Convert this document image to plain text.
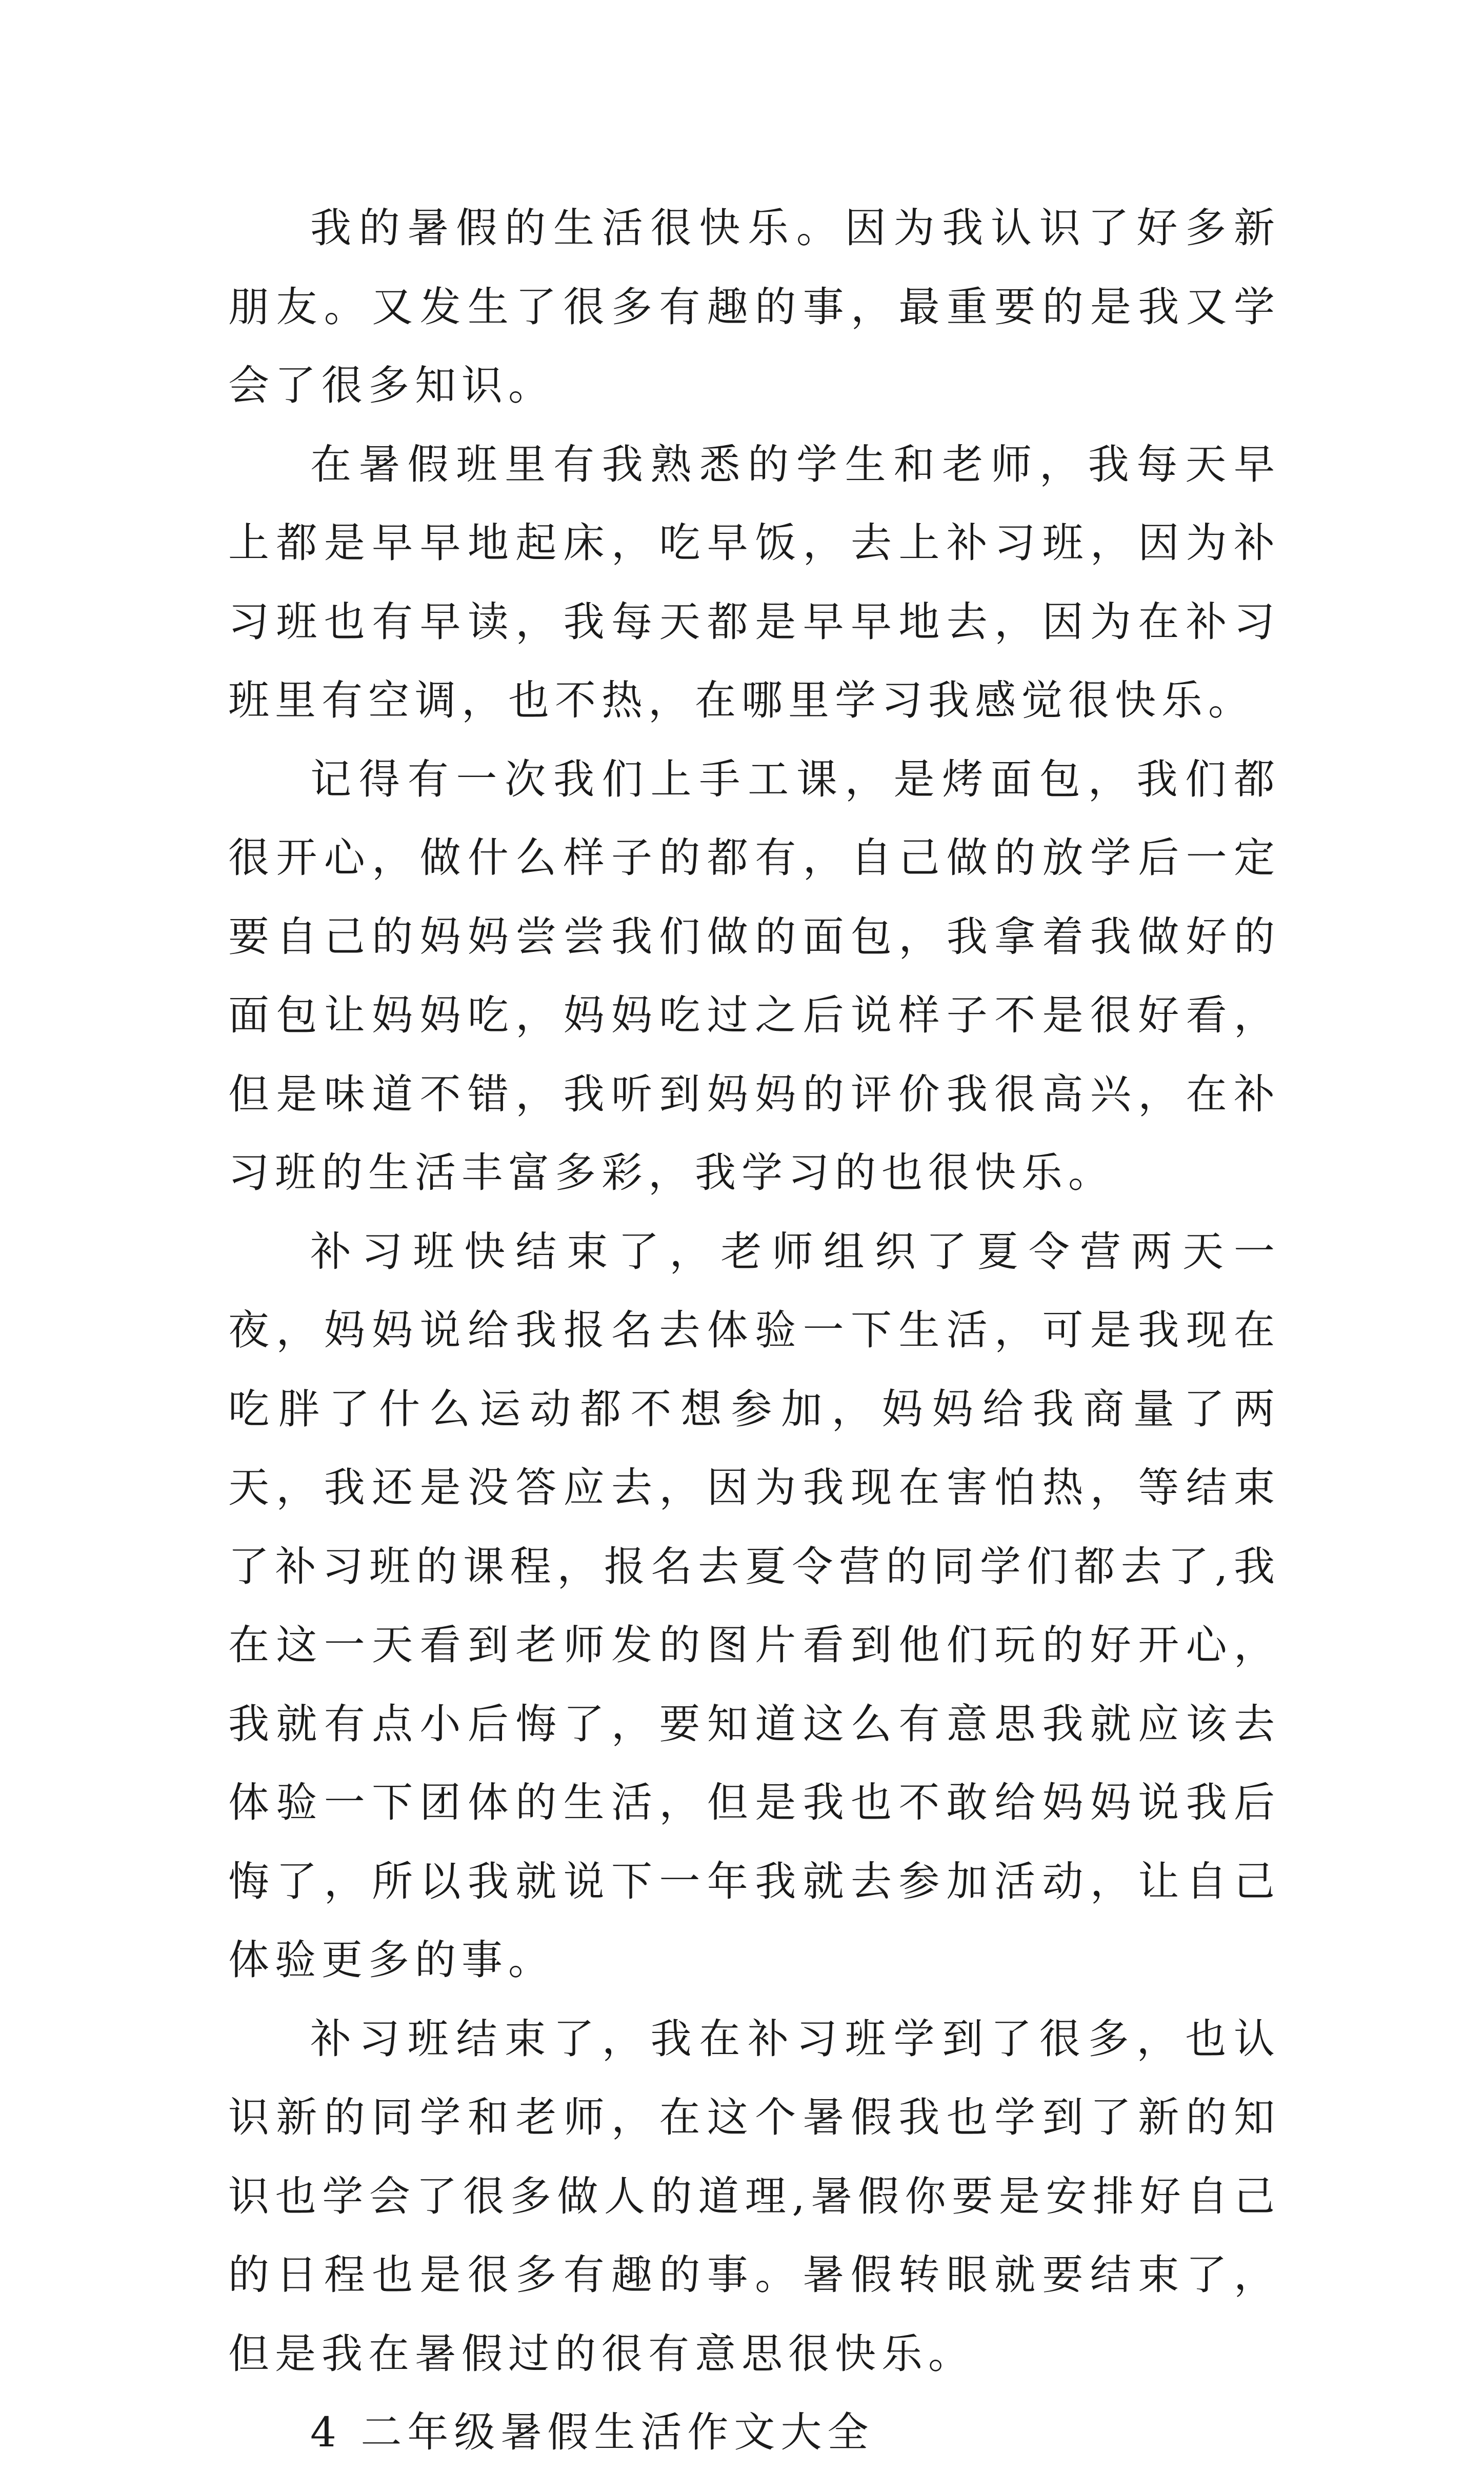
我的暑假的生活很快乐。因为我认识了好多新朋友。又发生了很多有趣的事，最重要的是我又学会了很多知识。

在暑假班里有我熟悉的学生和老师，我每天早上都是早早地起床，吃早饭，去上补习班，因为补习班也有早读，我每天都是早早地去，因为在补习班里有空调，也不热，在哪里学习我感觉很快乐。

记得有一次我们上手工课，是烤面包，我们都很开心，做什么样子的都有，自己做的放学后一定要自己的妈妈尝尝我们做的面包，我拿着我做好的面包让妈妈吃，妈妈吃过之后说样子不是很好看，但是味道不错，我听到妈妈的评价我很高兴，在补习班的生活丰富多彩，我学习的也很快乐。

补习班快结束了，老师组织了夏令营两天一夜，妈妈说给我报名去体验一下生活，可是我现在吃胖了什么运动都不想参加，妈妈给我商量了两天，我还是没答应去，因为我现在害怕热，等结束了补习班的课程，报名去夏令营的同学们都去了,我在这一天看到老师发的图片看到他们玩的好开心，我就有点小后悔了，要知道这么有意思我就应该去体验一下团体的生活，但是我也不敢给妈妈说我后悔了，所以我就说下一年我就去参加活动，让自己体验更多的事。

补习班结束了，我在补习班学到了很多，也认识新的同学和老师，在这个暑假我也学到了新的知识也学会了很多做人的道理,暑假你要是安排好自己的日程也是很多有趣的事。暑假转眼就要结束了，但是我在暑假过的很有意思很快乐。

4 二年级暑假生活作文大全
